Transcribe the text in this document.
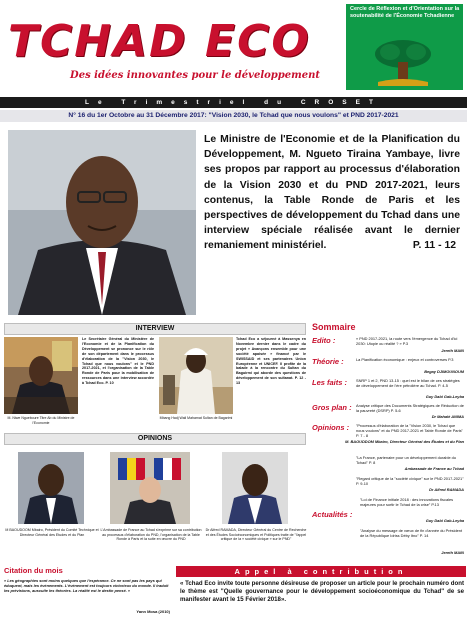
TCHAD ECO
Des idées innovantes pour le développement
Cercle de Réflexion et d'Orientation sur la soutenabilité de l'Économie Tchadienne
Le Trimestriel du CROSET
N° 16 du 1er Octobre au 31 Décembre 2017: "Vision 2030, le Tchad que nous voulons" et PND 2017-2021
Le Ministre de l'Economie et de la Planification du Développement, M. Ngueto Tiraina Yambaye, livre ses propos par rapport au processus d'élaboration de la Vision 2030 et du PND 2017-2021, leurs contenus, la Table Ronde de Paris et les perspectives de développement du Tchad dans une interview spéciale réalisée avant le dernier remaniement ministériel.	P. 11 - 12
INTERVIEW
M. Ntwe Ngueboure Titre Ab du Ministre de l'Economie
Le Secrétaire Général du Ministère de l'Economie et de la Planification du Développement se prononce sur le rôle de son département dans le processus d'élaboration de la "Vision 2030, le Tchad que nous voulons" et le PND 2017-2021, et l'organisation de la Table Ronde de Paris pour la mobilisation de ressources dans une interview accordée à Tchad Eco. P. 10
Mbang Hadj Wali Mahamat Sultan de Bagarimi
Tchad Eco a séjourné à Massenya en Novembre dernier dans le cadre du projet « Avançons ensemble pour une société apaisée » financé par le SWISSAID et ses partenaires Union Européenne et UNICEF. Il profite de la balade à la rencontre du Sultan du Baguirmi qui aborde des questions de développement de son sultanat. P. 12 - 13
OPINIONS
M BAOUDOOM Mbairo, Président du Comité Technique et Directeur Général des Etudes et du Plan
L'Ambassade de France au Tchad s'exprime sur sa contribution au processus d'élaboration du PND, l'organisation de la Table Ronde à Paris et la suite en œuvre du PND
Dr Alfred RAMADA, Directeur Général du Centre de Recherche et des Études Socioéconomiques et Politiques traite de "l'appel critique de la « société civique » sur le PND"
Citation du mois
« Les géographies sont moins quelques que l'espérance. Ce ne sont pas les pays qui éduquent, mais les événements. L'événement est toujours victorieux du monde. Il traduit les prévisions, ausculte les théories. La réalité est le destin pensé. »
Yann Mosa (2010)
Appel à contribution
« Tchad Eco invite toute personne désireuse de proposer un article pour le prochain numéro dont le thème est "Quelle gouvernance pour le développement socioéconomique du Tchad" de se manifester avant le 15 Février 2018».
Sommaire
Edito :	« PND 2017-2021, la route vers l'émergence du Tchad d'ici 2030: Utopie ou réalité ? » P.3
Jereth MAIN
Théorie :	La Planification économique : enjeux et controverses P.3
Begay DJIMOUNOUM
Les faits : SNRP 1 et 2, PND 13-15 : quel est le bilan de ces stratégies de développement de l'ère pétrolière au Tchad. P. 4-5
Guy Dabi Gab-Leyba
Gros plan : Analyse critique des Documents Stratégiques de Réduction de la pauvreté (DSRP) P. 5-6
Dr Mahalé ANIMA
Opinions : "Processus d'élaboration de la "Vision 2030, le Tchad que nous voulons" et du PND 2017-2021 et Table Ronde de Paris" P. 7 - 8
M. BAOUDDOM Mbairo, Directeur Général des Études et du Plan
"La France, partenaire pour un développement durable du Tchad" P. 8
Ambassade de France au Tchad
"Regard critique de la "société civique" sur le PND 2017-2021" P. 9-10
Dr Alfred RAMADA
Actualités :
"Loi de Finance initiale 2018 : des innovations fiscales majeures pour sortir le Tchad de la crise" P.13
Guy Dabi Gab-Leyba
"Analyse du message de vœux de fin d'année du Président de la République Idriss Déby Itno" P. 14
Jereth MAIN
